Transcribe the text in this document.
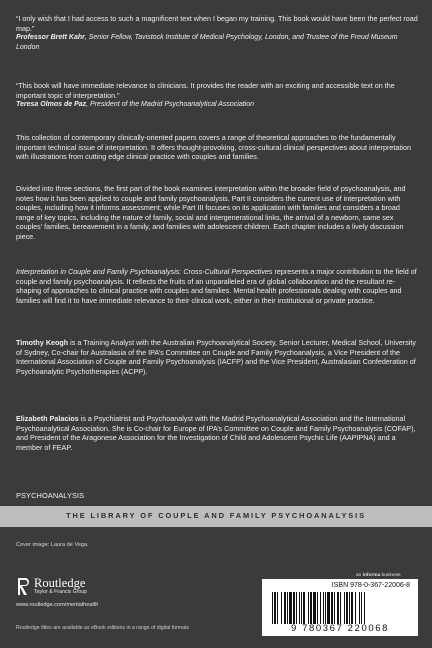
“I only wish that I had access to such a magnificent text when I began my training. This book would have been the perfect road map.”

Professor Brett Kahr, Senior Fellow, Tavistock Institute of Medical Psychology, London, and Trustee of the Freud Museum London

“This book will have immediate relevance to clinicians. It provides the reader with an exciting and accessible text on the important topic of interpretation.”

Teresa Olmos de Paz, President of the Madrid Psychoanalytical Association

This collection of contemporary clinically-oriented papers covers a range of theoretical approaches to the fundamentally important technical issue of interpretation. It offers thought-provoking, cross-cultural clinical perspectives about interpretation with illustrations from cutting edge clinical practice with couples and families.

Divided into three sections, the first part of the book examines interpretation within the broader field of psychoanalysis, and notes how it has been applied to couple and family psychoanalysis. Part II considers the current use of interpretation with couples, including how it informs assessment; while Part III focuses on its application with families and considers a broad range of key topics, including the nature of family, social and intergenerational links, the arrival of a newborn, same sex couples’ families, bereavement in a family, and families with adolescent children. Each chapter includes a lively discussion piece.

Interpretation in Couple and Family Psychoanalysis: Cross-Cultural Perspectives represents a major contribution to the field of couple and family psychoanalysis. It reflects the fruits of an unparalleled era of global collaboration and the resultant re-shaping of approaches to clinical practice with couples and families. Mental health professionals dealing with couples and families will find it to have immediate relevance to their clinical work, either in their institutional or private practice.

Timothy Keogh is a Training Analyst with the Australian Psychoanalytical Society, Senior Lecturer, Medical School, University of Sydney, Co-chair for Australasia of the IPA’s Committee on Couple and Family Psychoanalysis, a Vice President of the International Association of Couple and Family Psychoanalysis (IACFP) and the Vice President, Australasian Confederation of Psychoanalytic Psychotherapies (ACPP).

Elizabeth Palacios is a Psychiatrist and Psychoanalyst with the Madrid Psychoanalytical Association and the International Psychoanalytical Association. She is Co-chair for Europe of IPA’s Committee on Couple and Family Psychoanalysis (COFAP), and President of the Aragonese Association for the Investigation of Child and Adolescent Psychic Life (AAPIPNA) and a member of FEAP.

PSYCHOANALYSIS
THE LIBRARY OF COUPLE AND FAMILY PSYCHOANALYSIS
Cover image: Laura de Vega.
an informa business
Routledge
Taylor & Francis Group
www.routledge.com/mentalhealth
Routledge titles are available as eBook editions in a range of digital formats
ISBN 978-0-367-22006-8
9 780367 220068
